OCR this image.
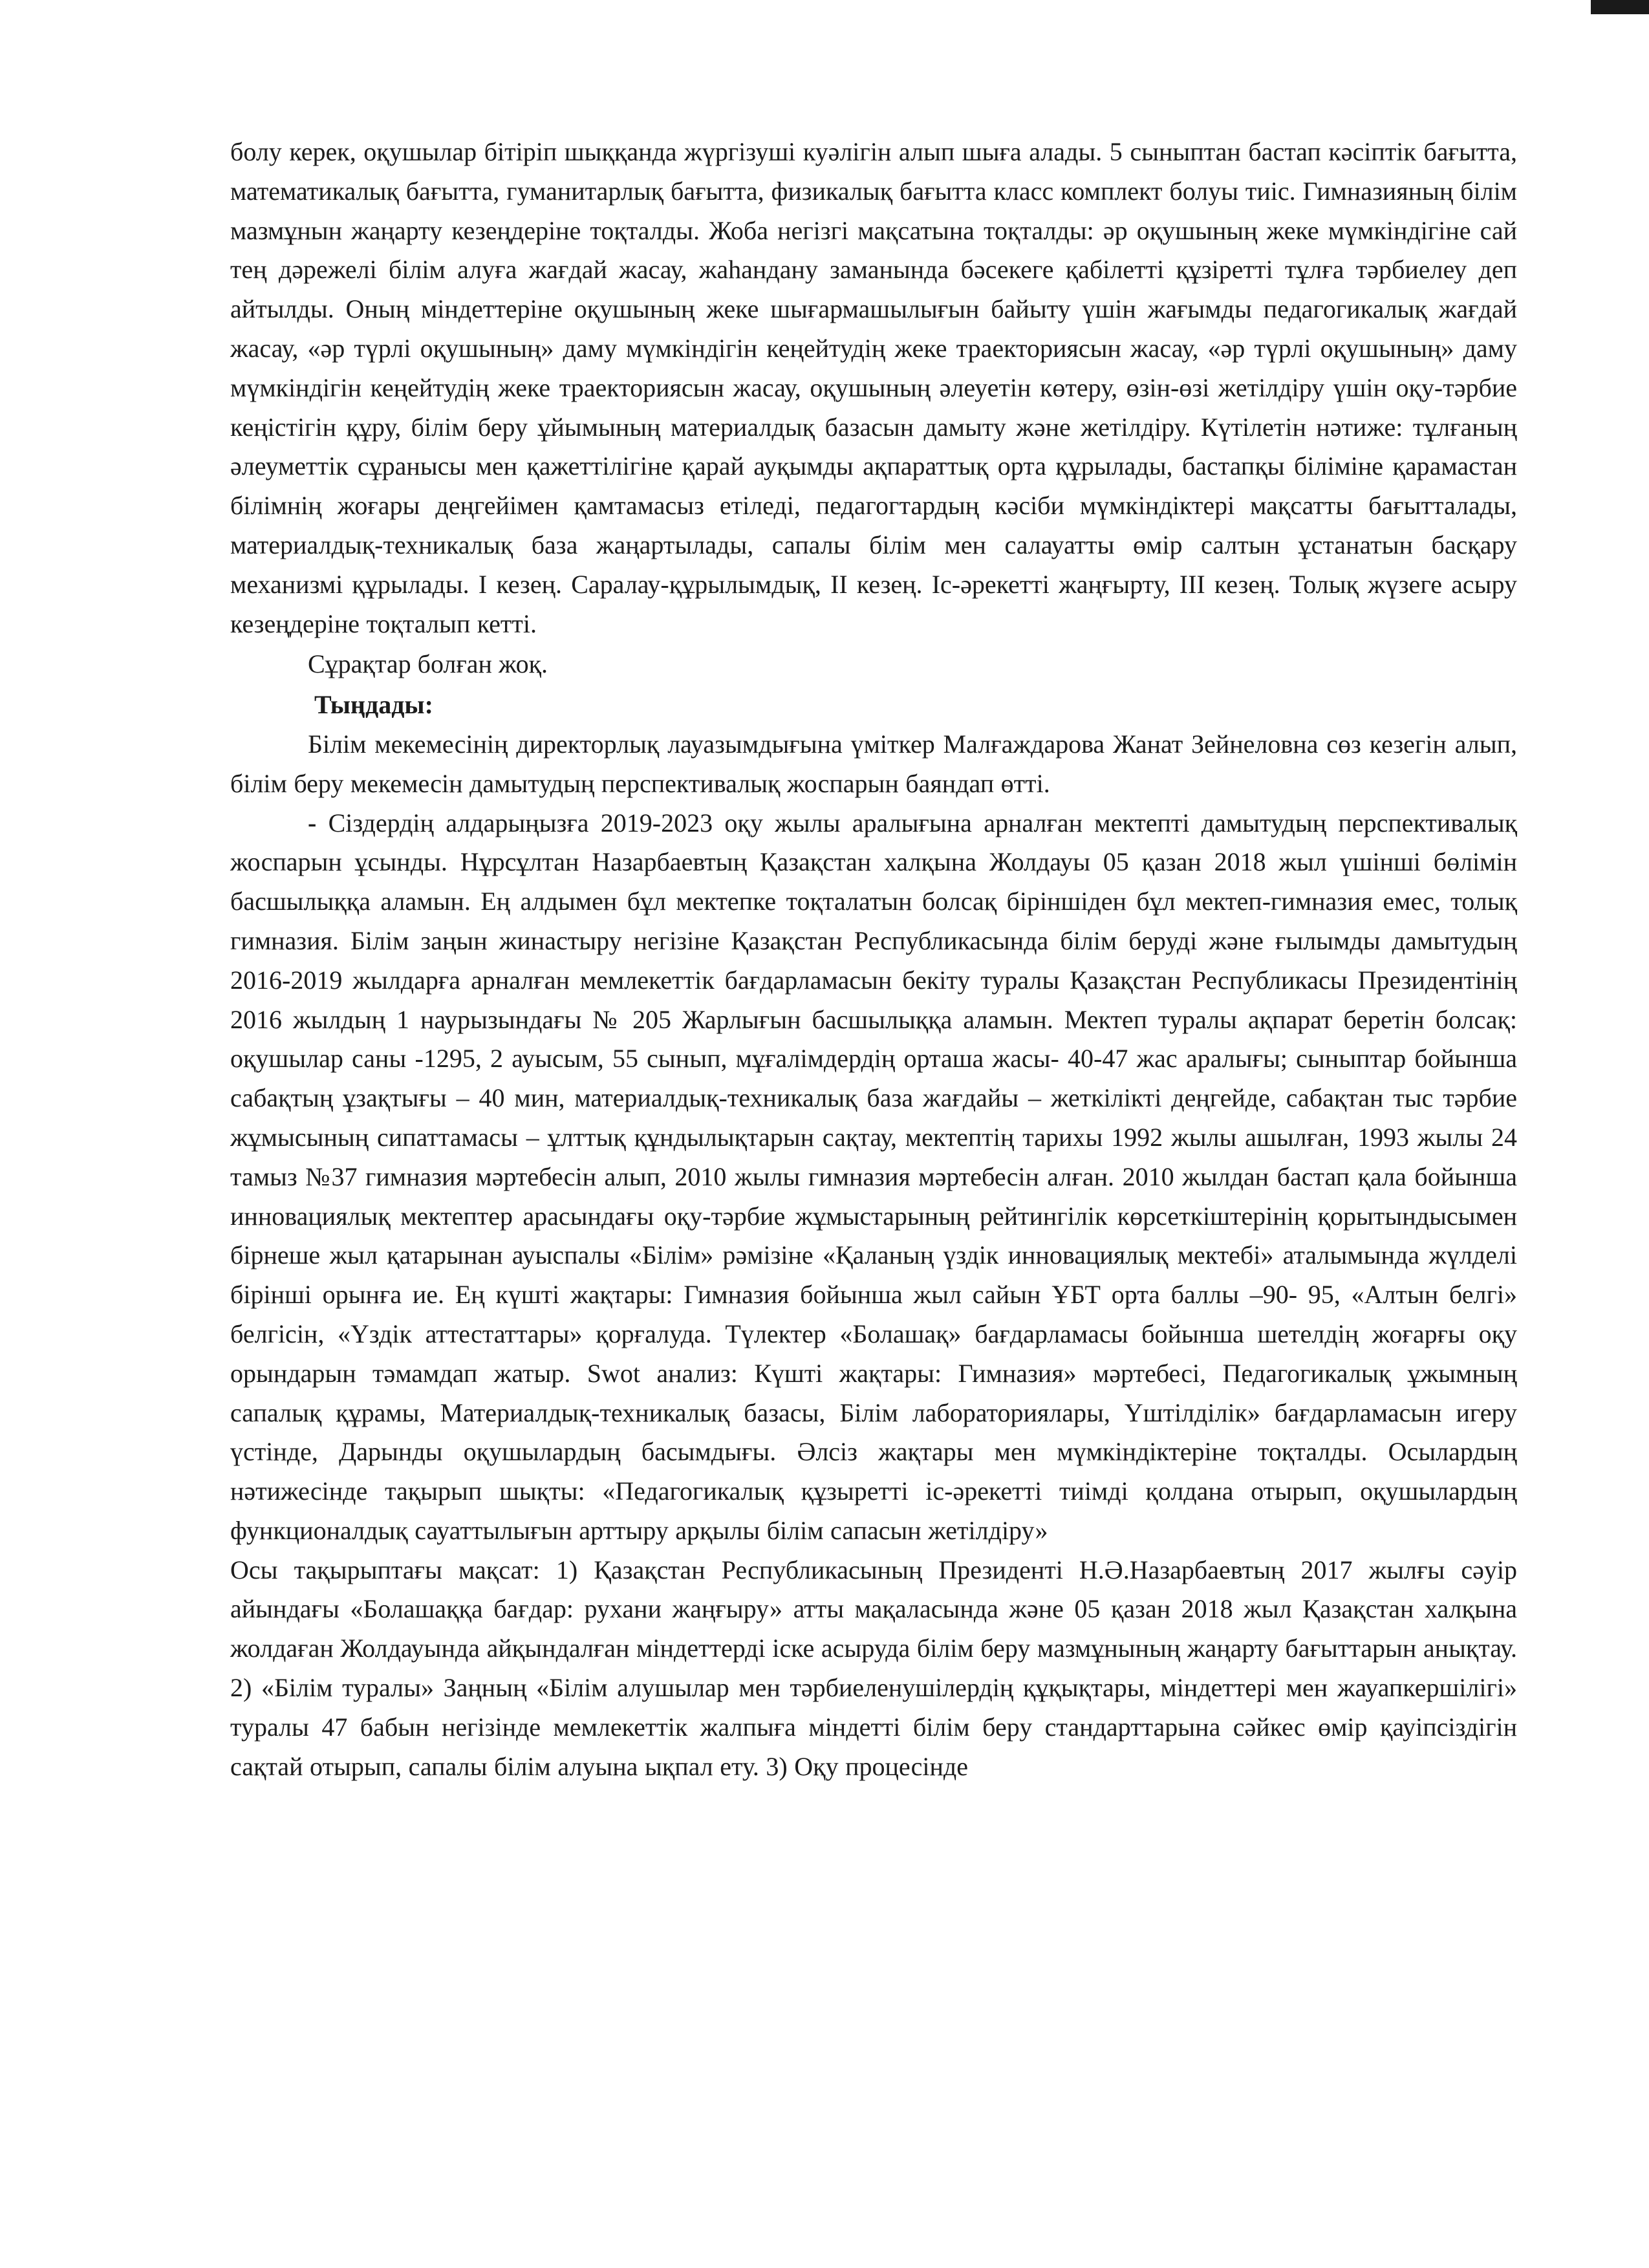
болу керек, оқушылар бітіріп шыққанда жүргізуші куәлігін алып шыға алады. 5 сыныптан бастап кәсіптік бағытта, математикалық бағытта, гуманитарлық бағытта, физикалық бағытта класс комплект болуы тиіс. Гимназияның білім мазмұнын жаңарту кезеңдеріне тоқталды. Жоба негізгі мақсатына тоқталды: әр оқушының жеке мүмкіндігіне сай тең дәрежелі білім алуға жағдай жасау, жаһандану заманында бәсекеге қабілетті құзіретті тұлға тәрбиелеу деп айтылды. Оның міндеттеріне оқушының жеке шығармашылығын байыту үшін жағымды педагогикалық жағдай жасау, «әр түрлі оқушының» даму мүмкіндігін кеңейтудің жеке траекториясын жасау, «әр түрлі оқушының» даму мүмкіндігін кеңейтудің жеке траекториясын жасау, оқушының әлеуетін көтеру, өзін-өзі жетілдіру үшін оқу-тәрбие кеңістігін құру, білім беру ұйымының материалдық базасын дамыту және жетілдіру. Күтілетін нәтиже: тұлғаның әлеуметтік сұранысы мен қажеттілігіне қарай ауқымды ақпараттық орта құрылады, бастапқы біліміне қарамастан білімнің жоғары деңгейімен қамтамасыз етіледі, педагогтардың кәсіби мүмкіндіктері мақсатты бағытталады, материалдық-техникалық база жаңартылады, сапалы білім мен салауатты өмір салтын ұстанатын басқару механизмі құрылады. І кезең. Саралау-құрылымдық, ІІ кезең. Іс-әрекетті жаңғырту, ІІІ кезең. Толық жүзеге асыру кезеңдеріне тоқталып кетті.

Сұрақтар болған жоқ.

Тыңдады:

Білім мекемесінің директорлық лауазымдығына үміткер Малғаждарова Жанат Зейнеловна сөз кезегін алып, білім беру мекемесін дамытудың перспективалық жоспарын баяндап өтті.

- Сіздердің алдарыңызға 2019-2023 оқу жылы аралығына арналған мектепті дамытудың перспективалық жоспарын ұсынды. Нұрсұлтан Назарбаевтың Қазақстан халқына Жолдауы 05 қазан 2018 жыл үшінші бөлімін басшылыққа аламын. Ең алдымен бұл мектепке тоқталатын болсақ біріншіден бұл мектеп-гимназия емес, толық гимназия. Білім заңын жинастыру негізіне Қазақстан Республикасында білім беруді және ғылымды дамытудың 2016-2019 жылдарға арналған мемлекеттік бағдарламасын бекіту туралы Қазақстан Республикасы Президентінің 2016 жылдың 1 наурызындағы № 205 Жарлығын басшылыққа аламын. Мектеп туралы ақпарат беретін болсақ: оқушылар саны -1295, 2 ауысым, 55 сынып, мұғалімдердің орташа жасы- 40-47 жас аралығы; сыныптар бойынша сабақтың ұзақтығы – 40 мин, материалдық-техникалық база жағдайы – жеткілікті деңгейде, сабақтан тыс тәрбие жұмысының сипаттамасы – ұлттық құндылықтарын сақтау, мектептің тарихы 1992 жылы ашылған, 1993 жылы 24 тамыз №37 гимназия мәртебесін алып, 2010 жылы гимназия мәртебесін алған. 2010 жылдан бастап қала бойынша инновациялық мектептер арасындағы оқу-тәрбие жұмыстарының рейтингілік көрсеткіштерінің қорытындысымен бірнеше жыл қатарынан ауыспалы «Білім» рәмізіне «Қаланың үздік инновациялық мектебі» аталымында жүлделі бірінші орынға ие. Ең күшті жақтары: Гимназия бойынша жыл сайын ҰБТ орта баллы –90- 95, «Алтын белгі» белгісін, «Үздік аттестаттары» қорғалуда. Түлектер «Болашақ» бағдарламасы бойынша шетелдің жоғарғы оқу орындарын тәмамдап жатыр. Swot анализ: Күшті жақтары: Гимназия» мәртебесі, Педагогикалық ұжымның сапалық құрамы, Материалдық-техникалық базасы, Білім лабораториялары, Үштілділік» бағдарламасын игеру үстінде, Дарынды оқушылардың басымдығы. Әлсіз жақтары мен мүмкіндіктеріне тоқталды. Осылардың нәтижесінде тақырып шықты: «Педагогикалық құзыретті іс-әрекетті тиімді қолдана отырып, оқушылардың функционалдық сауаттылығын арттыру арқылы білім сапасын жетілдіру»

Осы тақырыптағы мақсат: 1) Қазақстан Республикасының Президенті Н.Ә.Назарбаевтың 2017 жылғы сәуір айындағы «Болашаққа бағдар: рухани жаңғыру» атты мақаласында және 05 қазан 2018 жыл Қазақстан халқына жолдаған Жолдауында айқындалған міндеттерді іске асыруда білім беру мазмұнының жаңарту бағыттарын анықтау. 2) «Білім туралы» Заңның «Білім алушылар мен тәрбиеленушілердің құқықтары, міндеттері мен жауапкершілігі» туралы 47 бабын негізінде мемлекеттік жалпыға міндетті білім беру стандарттарына сәйкес өмір қауіпсіздігін сақтай отырып, сапалы білім алуына ықпал ету. 3) Оқу процесінде
